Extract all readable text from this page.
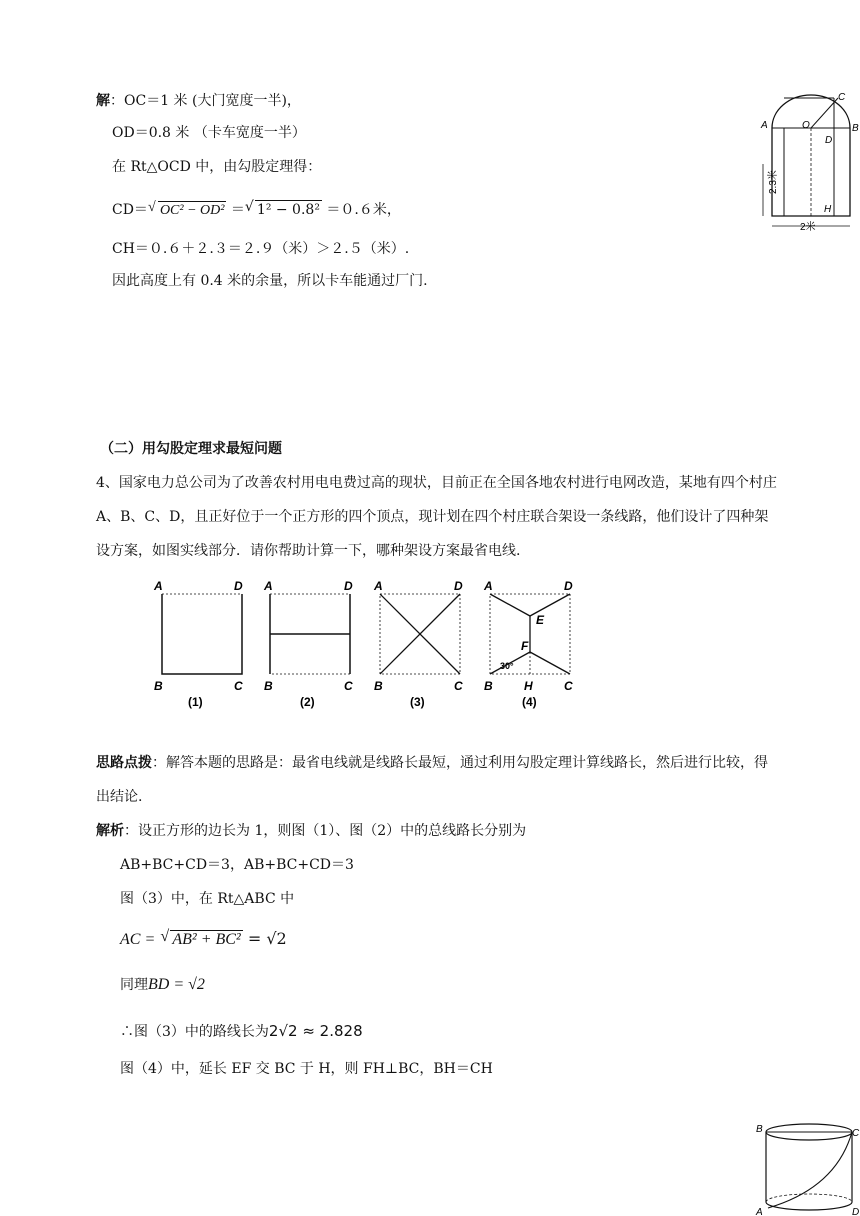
解：OC＝1 米 (大门宽度一半)，
OD＝0.8 米 （卡车宽度一半）
在 Rt△OCD 中，由勾股定理得：
CD＝ √ OC² − OD² ＝ √ 1² − 0.8² ＝０.６米，
CH＝０.６＋２.３＝２.９（米）＞２.５（米）.
因此高度上有 0.4 米的余量，所以卡车能通过厂门.
A	B
C
O
D
H
2.3米
2米
（二）用勾股定理求最短问题
4、国家电力总公司为了改善农村用电电费过高的现状，目前正在全国各地农村进行电网改造，某地有四个村庄 A、B、C、D，且正好位于一个正方形的四个顶点，现计划在四个村庄联合架设一条线路，他们设计了四种架设方案，如图实线部分．请你帮助计算一下，哪种架设方案最省电线.
A	D
B	C
(1)
A	D
B	C
(2)
A	D
B	C
(3)
A	D
E
F
30°
B	H	C
(4)
思路点拨：解答本题的思路是：最省电线就是线路长最短，通过利用勾股定理计算线路长，然后进行比较，得出结论.
解析：设正方形的边长为 1，则图（1）、图（2）中的总线路长分别为
AB+BC+CD＝3，AB+BC+CD＝3
图（3）中，在 Rt△ABC 中
AC = √ AB² + BC² = √2
同理BD = √2
∴图（3）中的路线长为2√2 ≈ 2.828
图（4）中，延长 EF 交 BC 于 H，则 FH⊥BC，BH＝CH
B	C
A	D
